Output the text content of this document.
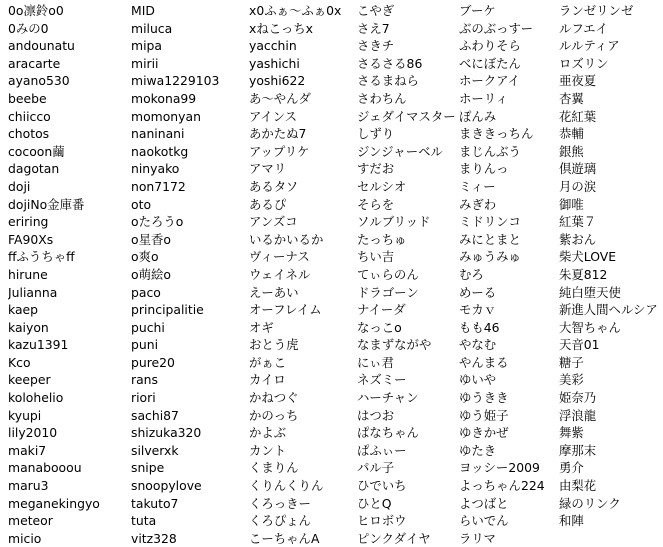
0o凛鈴o0
0みの0
andounatu
aracarte
ayano530
beebe
chiicco
chotos
cocoon繭
dagotan
doji
dojiNo金庫番
eriring
FA90Xs
ffふうちゃff
hirune
Julianna
kaep
kaiyon
kazu1391
Kco
keeper
kolohelio
kyupi
lily2010
maki7
manabooou
maru3
meganekingyo
meteor
micio
MID
miluca
mipa
mirii
miwa1229103
mokona99
momonyan
naninani
naokotkg
ninyako
non7172
oto
oたろうo
o星香o
o爽o
o萌絵o
paco
principalitie
puchi
puni
pure20
rans
riori
sachi87
shizuka320
silverxk
snipe
snoopylove
takuto7
tuta
vitz328
x0ふぁ～ふぁ0x
xねこっちx
yacchin
yashichi
yoshi622
あ～やんダ
アインス
あかたぬ7
アップリケ
アマリ
あるタソ
あるぴ
アンズコ
いるかいるか
ヴィーナス
ウェイネル
えーあい
オーフレイム
オギ
おとう虎
がぁこ
カイロ
かねつぐ
かのっち
かよぶ
カント
くまりん
くりんくりん
くろっきー
くろぴょん
こーちゃんA
こやぎ
さえ7
さきチ
さるさる86
さるまねら
さわちん
ジェダイマスター
しずり
ジンジャーベル
すだお
セルシオ
そらを
ソルブリッド
たっちゅ
ちい吉
てぃらのん
ドラゴーン
ナイーダ
なっこo
なまずながや
にぃ君
ネズミー
ハーチャン
はつお
ぱなちゃん
ぱふぃー
パル子
ひでいち
ひとQ
ヒロボウ
ピンクダイヤ
ブーケ
ぶのぶっすー
ふわりそら
べにぼたん
ホークアイ
ホーリィ
ぽんみ
まききっちん
まじんぶう
まりんっ
ミィー
みぎわ
ミドリンコ
みにとまと
みゅうみゅ
むろ
めーる
モカｖ
もも46
やなむ
やんまる
ゆいや
ゆうきき
ゆう姫子
ゆきかぜ
ゆたき
ヨッシー2009
よっちゃん224
よつばと
らいでん
ラリマ
ランゼリンゼ
ルフエイ
ルルティア
ロズリン
亜夜夏
杏翼
花紅葉
恭輔
銀熊
倶遊璃
月の涙
御唯
紅葉７
紫おん
柴犬LOVE
朱夏812
純白堕天使
新進人間ヘルシア
大智ちゃん
天音01
糖子
美彩
姫奈乃
浮浪龍
舞紫
摩那末
勇介
由梨花
緑のリンク
和陣
